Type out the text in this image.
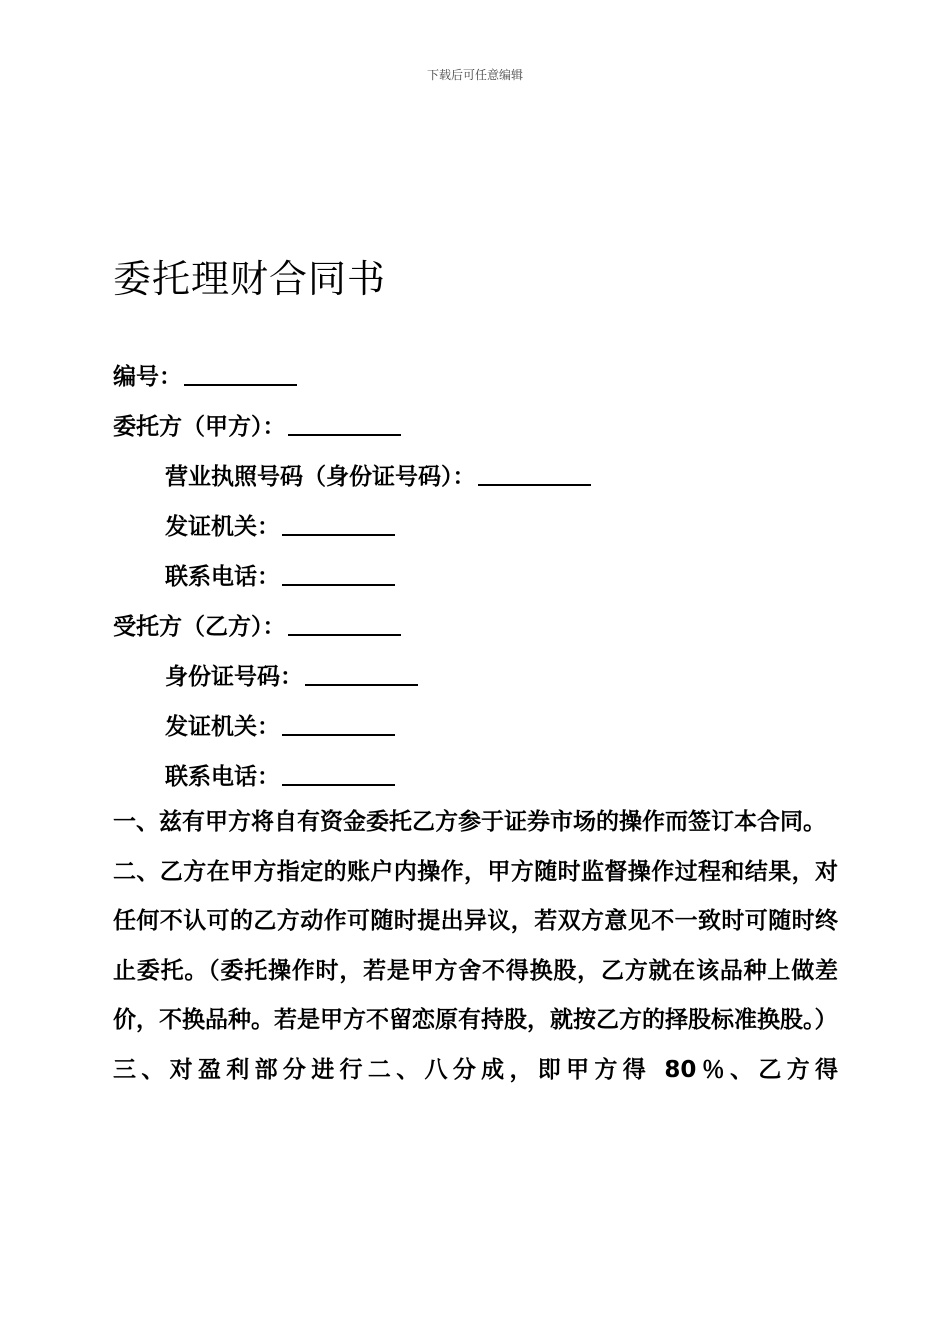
下载后可任意编辑
委托理财合同书
编号：
委托方（甲方）：
营业执照号码（身份证号码）：
发证机关：
联系电话：
受托方（乙方）：
身份证号码：
发证机关：
联系电话：

一、兹有甲方将自有资金委托乙方参于证券市场的操作而签订本合同。

二、乙方在甲方指定的账户内操作，甲方随时监督操作过程和结果，对任何不认可的乙方动作可随时提出异议，若双方意见不一致时可随时终止委托。（委托操作时，若是甲方舍不得换股，乙方就在该品种上做差价，不换品种。若是甲方不留恋原有持股，就按乙方的择股标准换股。）

三、对盈利部分进行二、八分成，即甲方得 80％、乙方得
